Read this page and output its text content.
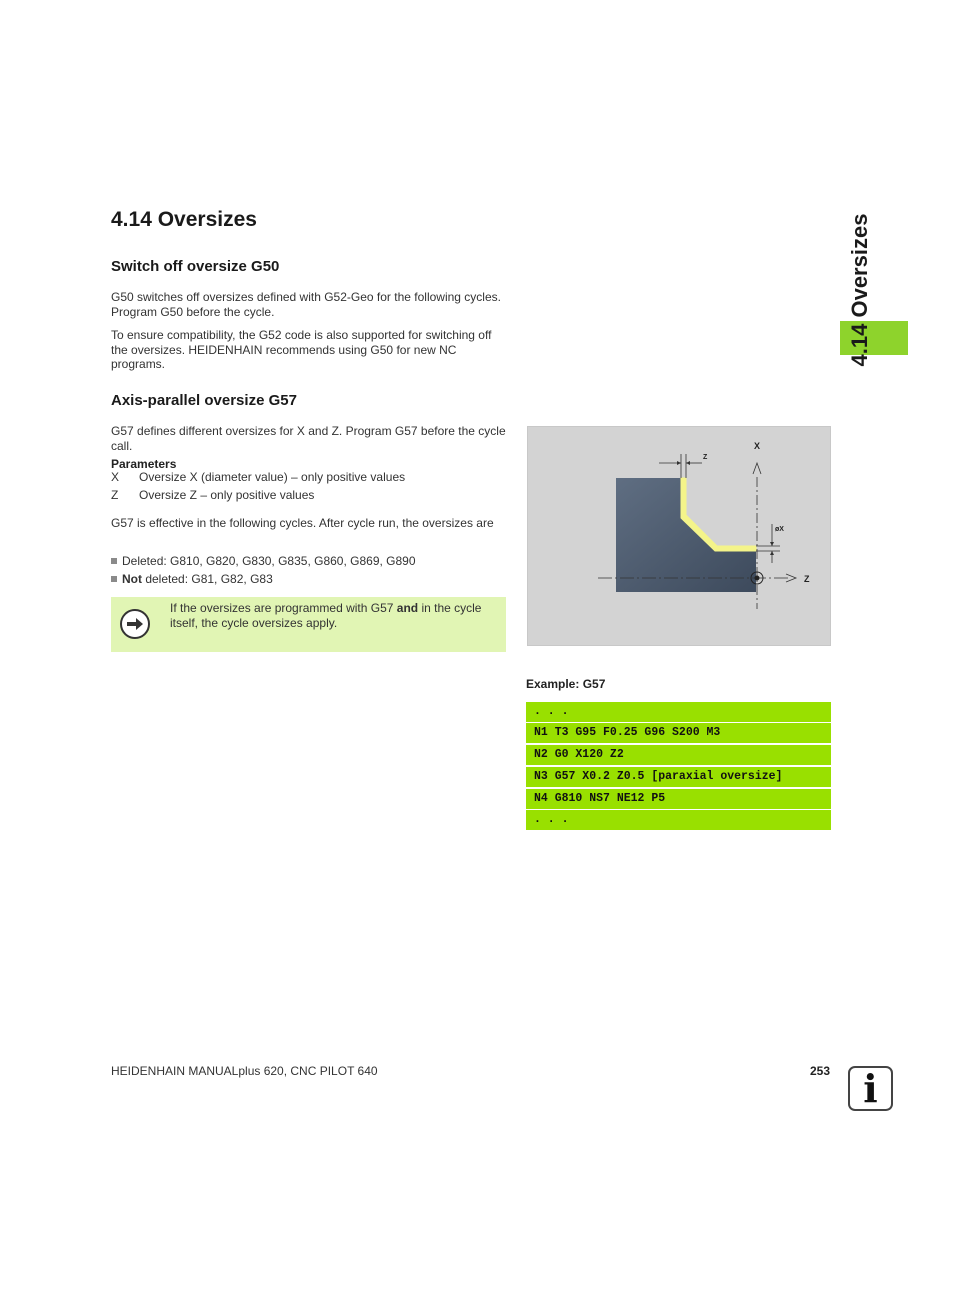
4.14 Oversizes
4.14 Oversizes
Switch off oversize G50
G50 switches off oversizes defined with G52-Geo for the following cycles. Program G50 before the cycle.
To ensure compatibility, the G52 code is also supported for switching off the oversizes. HEIDENHAIN recommends using G50 for new NC programs.
Axis-parallel oversize G57
G57 defines different oversizes for X and Z. Program G57 before the cycle call.
Parameters
X Oversize X (diameter value) – only positive values
Z Oversize Z – only positive values
G57 is effective in the following cycles. After cycle run, the oversizes are
Deleted: G810, G820, G830, G835, G860, G869, G890
Not deleted: G81, G82, G83
If the oversizes are programmed with G57 and in the cycle itself, the cycle oversizes apply.
X
Z
Z
øX
Example: G57
. . .
N1 T3 G95 F0.25 G96 S200 M3
N2 G0 X120 Z2
N3 G57 X0.2 Z0.5 [paraxial oversize]
N4 G810 NS7 NE12 P5
. . .
HEIDENHAIN MANUALplus 620, CNC PILOT 640	253 i
